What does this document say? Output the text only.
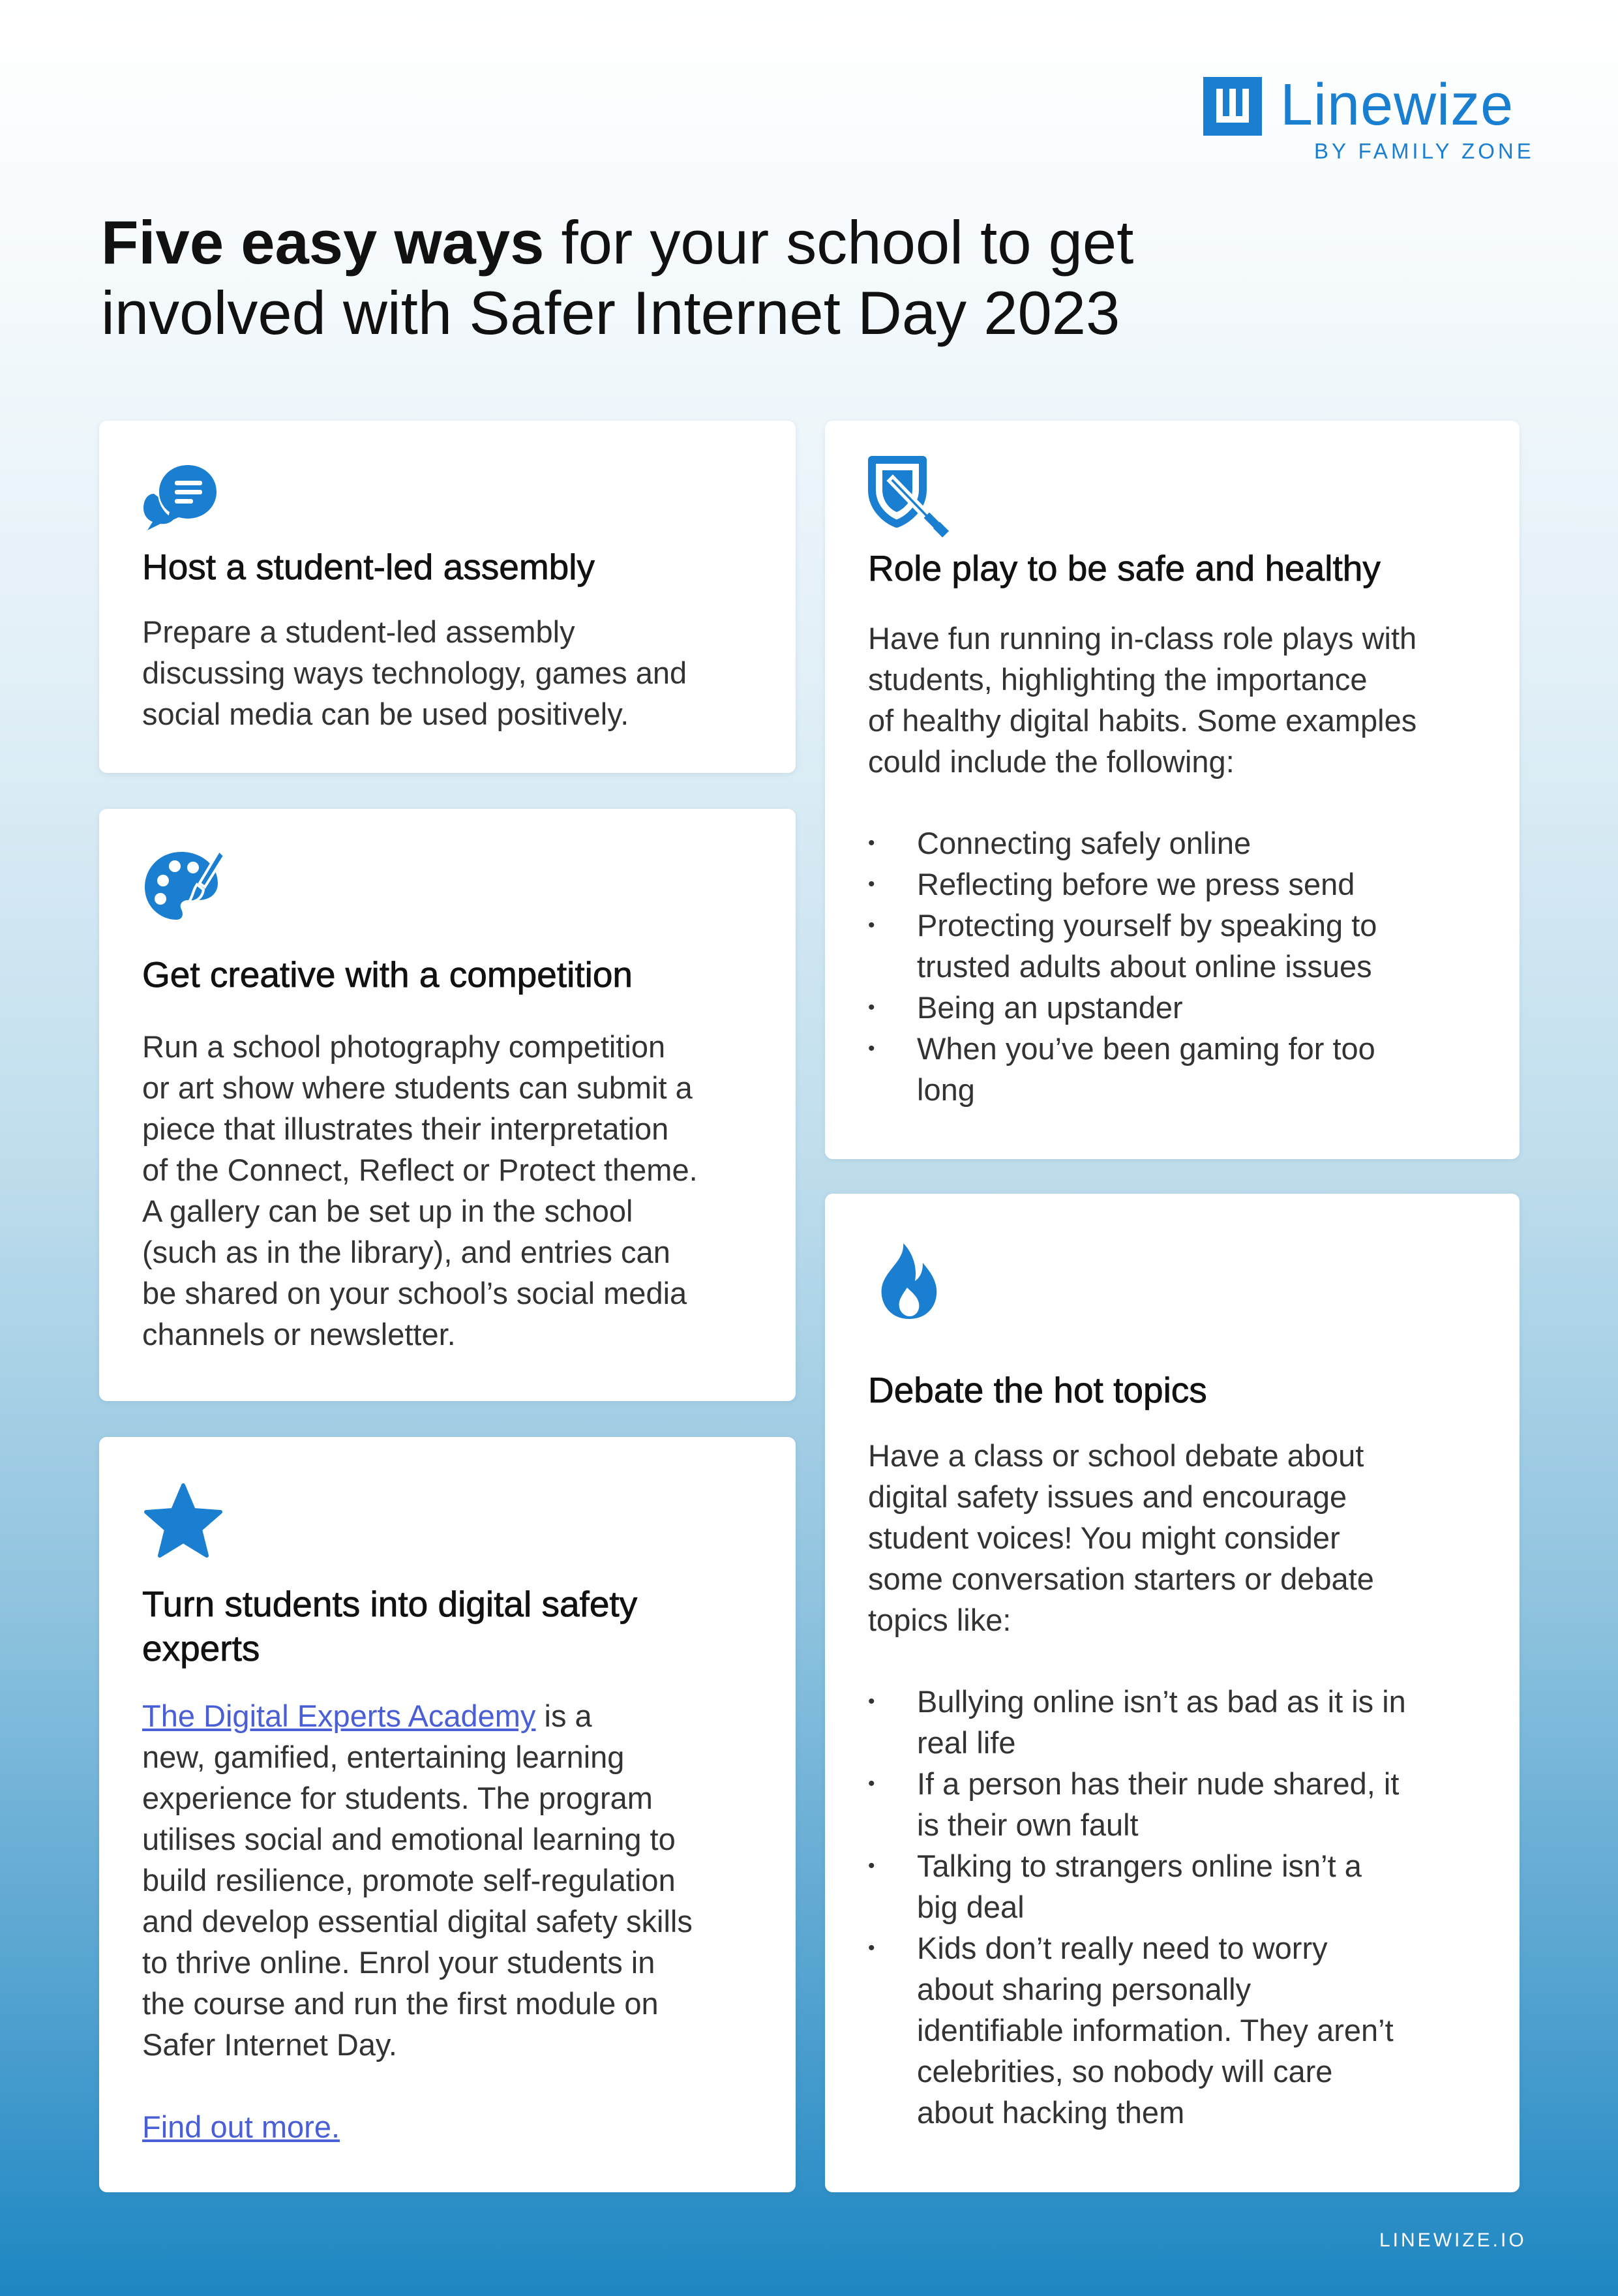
Linewize
BY FAMILY ZONE
Five easy ways for your school to get
involved with Safer Internet Day 2023
Host a student-led assembly
Prepare a student-led assembly
discussing ways technology, games and
social media can be used positively.
Get creative with a competition
Run a school photography competition
or art show where students can submit a
piece that illustrates their interpretation
of the Connect, Reflect or Protect theme.
A gallery can be set up in the school
(such as in the library), and entries can
be shared on your school’s social media
channels or newsletter.
Turn students into digital safety
experts
The Digital Experts Academy is a
new, gamified, entertaining learning
experience for students. The program
utilises social and emotional learning to
build resilience, promote self-regulation
and develop essential digital safety skills
to thrive online. Enrol your students in
the course and run the first module on
Safer Internet Day.
Find out more.
Role play to be safe and healthy
Have fun running in-class role plays with
students, highlighting the importance
of healthy digital habits. Some examples
could include the following:
• Connecting safely online
• Reflecting before we press send
• Protecting yourself by speaking to
trusted adults about online issues
• Being an upstander
• When you’ve been gaming for too
long
Debate the hot topics
Have a class or school debate about
digital safety issues and encourage
student voices! You might consider
some conversation starters or debate
topics like:
• Bullying online isn’t as bad as it is in
real life
• If a person has their nude shared, it
is their own fault
• Talking to strangers online isn’t a
big deal
• Kids don’t really need to worry
about sharing personally
identifiable information. They aren’t
celebrities, so nobody will care
about hacking them
LINEWIZE.IO
